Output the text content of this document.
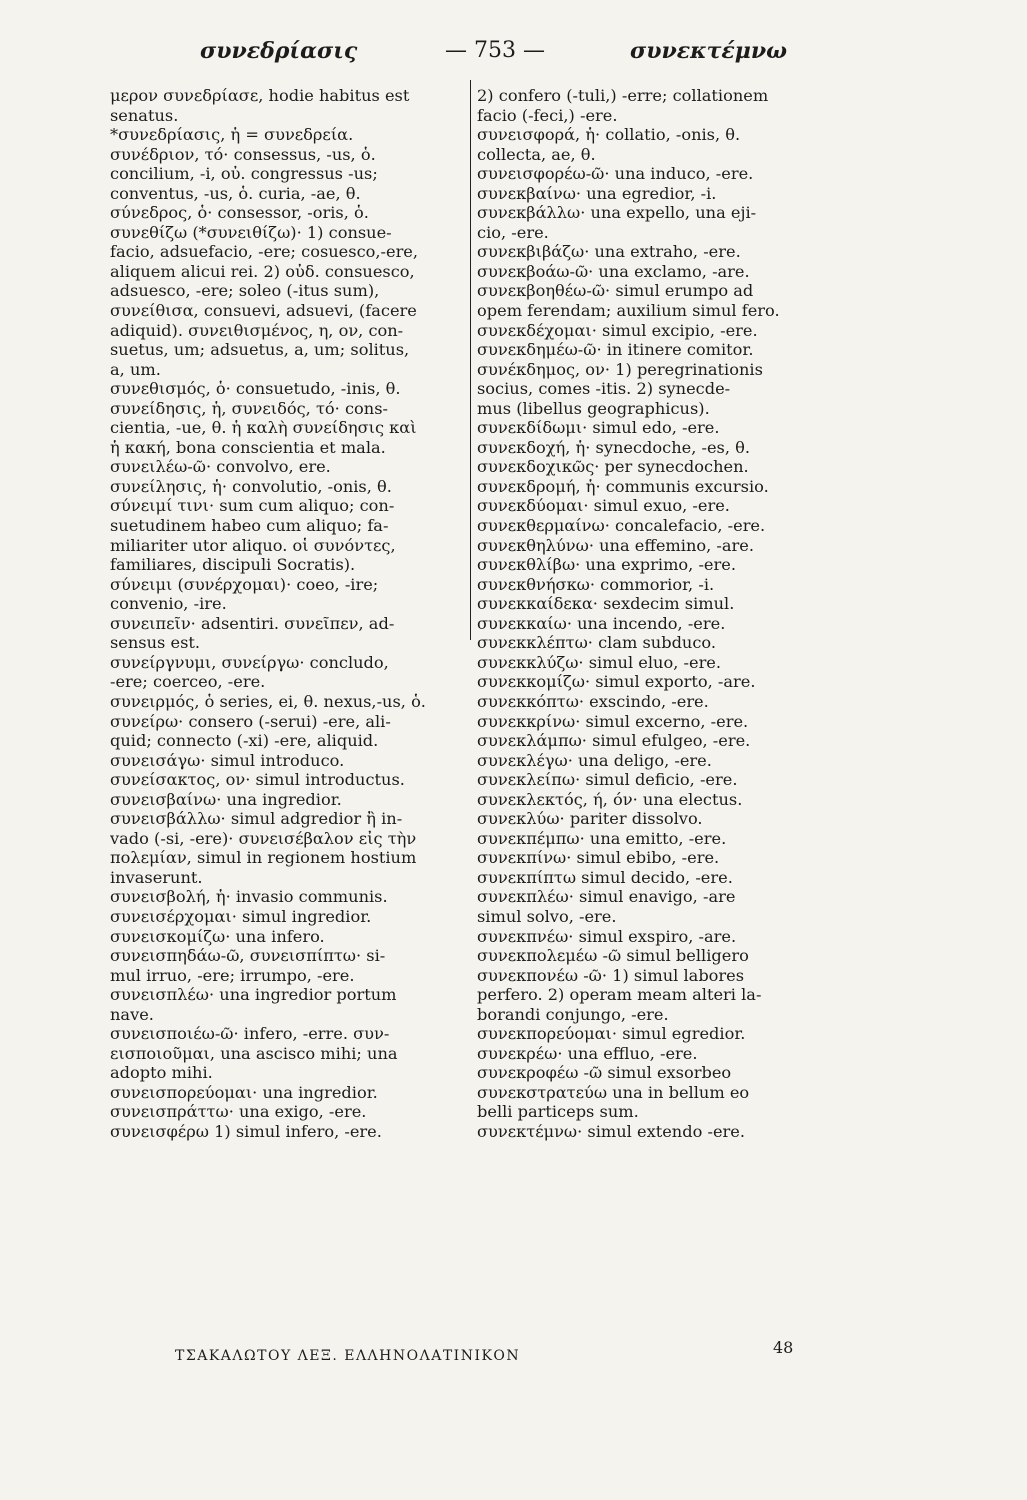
συνεδρίασις	— 753 —	συνεκτέμνω
μερον συνεδρίασε, hodie habitus est
senatus.
*συνεδρίασις, ἡ = συνεδρεία.
συνέδριον, τό· consessus, -us, ὁ.
concilium, -i, οὐ. congressus -us;
conventus, -us, ὁ. curia, -ae, θ.
σύνεδρος, ὁ· consessor, -oris, ὁ.
συνεθίζω (*συνειθίζω)· 1) consue-
facio, adsuefacio, -ere; cosuesco,-ere,
aliquem alicui rei. 2) οὐδ. consuesco,
adsuesco, -ere; soleo (-itus sum),
συνείθισα, consuevi, adsuevi, (facere
adiquid). συνειθισμένος, η, ον, con-
suetus, um; adsuetus, a, um; solitus,
a, um.
συνεθισμός, ὁ· consuetudo, -inis, θ.
συνείδησις, ἡ, συνειδός, τό· cons-
cientia, -ue, θ. ἡ καλὴ συνείδησις καὶ
ἡ κακή, bona conscientia et mala.
συνειλέω-ῶ· convolvo, ere.
συνείλησις, ἡ· convolutio, -onis, θ.
σύνειμί τινι· sum cum aliquo; con-
suetudinem habeo cum aliquo; fa-
miliariter utor aliquo. οἱ συνόντες,
familiares, discipuli Socratis).
σύνειμι (συνέρχομαι)· coeo, -ire;
convenio, -ire.
συνειπεῖν· adsentiri. συνεῖπεν, ad-
sensus est.
συνείργνυμι, συνείργω· concludo,
-ere; coerceo, -ere.
συνειρμός, ὁ series, ei, θ. nexus,-us, ὁ.
συνείρω· consero (-serui) -ere, ali-
quid; connecto (-xi) -ere, aliquid.
συνεισάγω· simul introduco.
συνείσακτος, ον· simul introductus.
συνεισβαίνω· una ingredior.
συνεισβάλλω· simul adgredior ἢ in-
vado (-si, -ere)· συνεισέβαλον εἰς τὴν
πολεμίαν, simul in regionem hostium
invaserunt.
συνεισβολή, ἡ· invasio communis.
συνεισέρχομαι· simul ingredior.
συνεισκομίζω· una infero.
συνεισπηδάω-ῶ, συνεισπίπτω· si-
mul irruo, -ere; irrumpo, -ere.
συνεισπλέω· una ingredior portum
nave.
συνεισποιέω-ῶ· infero, -erre. συν-
εισποιοῦμαι, una ascisco mihi; una
adopto mihi.
συνεισπορεύομαι· una ingredior.
συνεισπράττω· una exigo, -ere.
συνεισφέρω 1) simul infero, -ere.
2) confero (-tuli,) -erre; collationem
facio (-feci,) -ere.
συνεισφορά, ἡ· collatio, -onis, θ.
collecta, ae, θ.
συνεισφορέω-ῶ· una induco, -ere.
συνεκβαίνω· una egredior, -i.
συνεκβάλλω· una expello, una eji-
cio, -ere.
συνεκβιβάζω· una extraho, -ere.
συνεκβοάω-ῶ· una exclamo, -are.
συνεκβοηθέω-ῶ· simul erumpo ad
opem ferendam; auxilium simul fero.
συνεκδέχομαι· simul excipio, -ere.
συνεκδημέω-ῶ· in itinere comitor.
συνέκδημος, ον· 1) peregrinationis
socius, comes -itis. 2) synecde-
mus (libellus geographicus).
συνεκδίδωμι· simul edo, -ere.
συνεκδοχή, ἡ· synecdoche, -es, θ.
συνεκδοχικῶς· per synecdochen.
συνεκδρομή, ἡ· communis excursio.
συνεκδύομαι· simul exuo, -ere.
συνεκθερμαίνω· concalefacio, -ere.
συνεκθηλύνω· una effemino, -are.
συνεκθλίβω· una exprimo, -ere.
συνεκθνήσκω· commorior, -i.
συνεκκαίδεκα· sexdecim simul.
συνεκκαίω· una incendo, -ere.
συνεκκλέπτω· clam subduco.
συνεκκλύζω· simul eluo, -ere.
συνεκκομίζω· simul exporto, -are.
συνεκκόπτω· exscindo, -ere.
συνεκκρίνω· simul excerno, -ere.
συνεκλάμπω· simul efulgeo, -ere.
συνεκλέγω· una deligo, -ere.
συνεκλείπω· simul deficio, -ere.
συνεκλεκτός, ή, όν· una electus.
συνεκλύω· pariter dissolvo.
συνεκπέμπω· una emitto, -ere.
συνεκπίνω· simul ebibo, -ere.
συνεκπίπτω simul decido, -ere.
συνεκπλέω· simul enavigo, -are
simul solvo, -ere.
συνεκπνέω· simul exspiro, -are.
συνεκπολεμέω -ῶ simul belligero
συνεκπονέω -ῶ· 1) simul labores
perfero. 2) operam meam alteri la-
borandi conjungo, -ere.
συνεκπορεύομαι· simul egredior.
συνεκρέω· una effluo, -ere.
συνεκροφέω -ῶ simul exsorbeo
συνεκστρατεύω una in bellum eo
belli particeps sum.
συνεκτέμνω· simul extendo -ere.
ΤΣΑΚΑΛΩΤΟΥ ΛΕΞ. ΕΛΛΗΝΟΛΑΤΙΝΙΚΟΝ	48
